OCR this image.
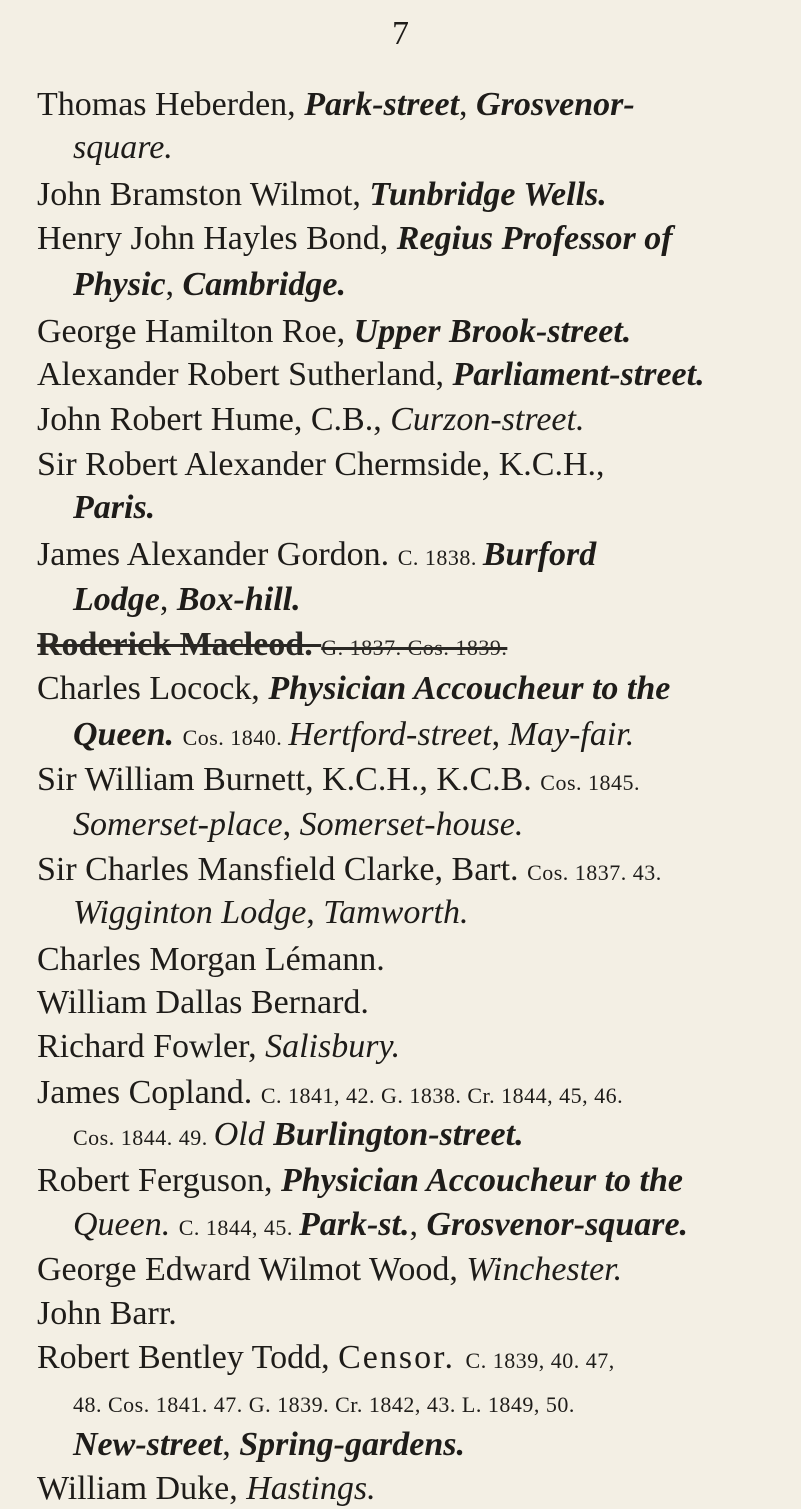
7
Thomas Heberden, Park-street, Grosvenor-
square.
John Bramston Wilmot, Tunbridge Wells.
Henry John Hayles Bond, Regius Professor of
Physic, Cambridge.
George Hamilton Roe, Upper Brook-street.
Alexander Robert Sutherland, Parliament-street.
John Robert Hume, C.B., Curzon-street.
Sir Robert Alexander Chermside, K.C.H.,
Paris.
James Alexander Gordon. C. 1838. Burford
Lodge, Box-hill.
Roderick Macleod. G. 1837. Cos. 1839.
Charles Locock, Physician Accoucheur to the
Queen. Cos. 1840. Hertford-street, May-fair.
Sir William Burnett, K.C.H., K.C.B. Cos. 1845.
Somerset-place, Somerset-house.
Sir Charles Mansfield Clarke, Bart. Cos. 1837. 43.
Wigginton Lodge, Tamworth.
Charles Morgan Lémann.
William Dallas Bernard.
Richard Fowler, Salisbury.
James Copland. C. 1841, 42. G. 1838. Cr. 1844, 45, 46.
Cos. 1844. 49. Old Burlington-street.
Robert Ferguson, Physician Accoucheur to the
Queen. C. 1844, 45. Park-st., Grosvenor-square.
George Edward Wilmot Wood, Winchester.
John Barr.
Robert Bentley Todd, Censor. C. 1839, 40. 47,
48. Cos. 1841. 47. G. 1839. Cr. 1842, 43. L. 1849, 50.
New-street, Spring-gardens.
William Duke, Hastings.
